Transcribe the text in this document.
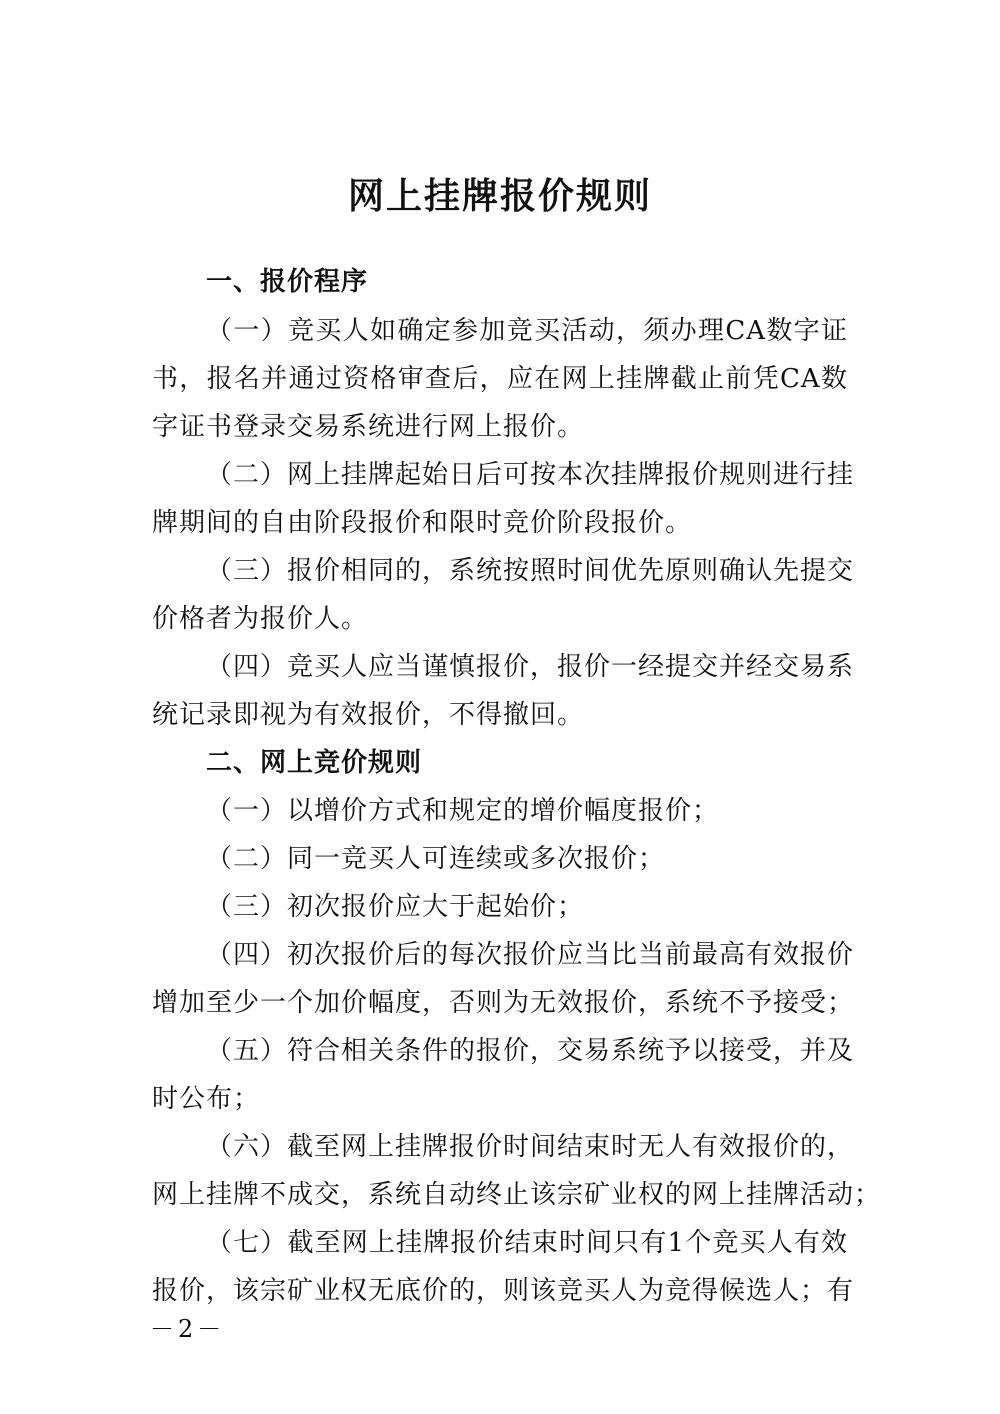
网上挂牌报价规则
一、报价程序
（一）竞买人如确定参加竞买活动，须办理CA数字证
书，报名并通过资格审查后，应在网上挂牌截止前凭CA数
字证书登录交易系统进行网上报价。
（二）网上挂牌起始日后可按本次挂牌报价规则进行挂
牌期间的自由阶段报价和限时竞价阶段报价。
（三）报价相同的，系统按照时间优先原则确认先提交
价格者为报价人。
（四）竞买人应当谨慎报价，报价一经提交并经交易系
统记录即视为有效报价，不得撤回。
二、网上竞价规则
（一）以增价方式和规定的增价幅度报价；
（二）同一竞买人可连续或多次报价；
（三）初次报价应大于起始价；
（四）初次报价后的每次报价应当比当前最高有效报价
增加至少一个加价幅度，否则为无效报价，系统不予接受；
（五）符合相关条件的报价，交易系统予以接受，并及
时公布；
（六）截至网上挂牌报价时间结束时无人有效报价的，
网上挂牌不成交，系统自动终止该宗矿业权的网上挂牌活动；
（七）截至网上挂牌报价结束时间只有1个竞买人有效
报价，该宗矿业权无底价的，则该竞买人为竞得候选人；有
－2－
